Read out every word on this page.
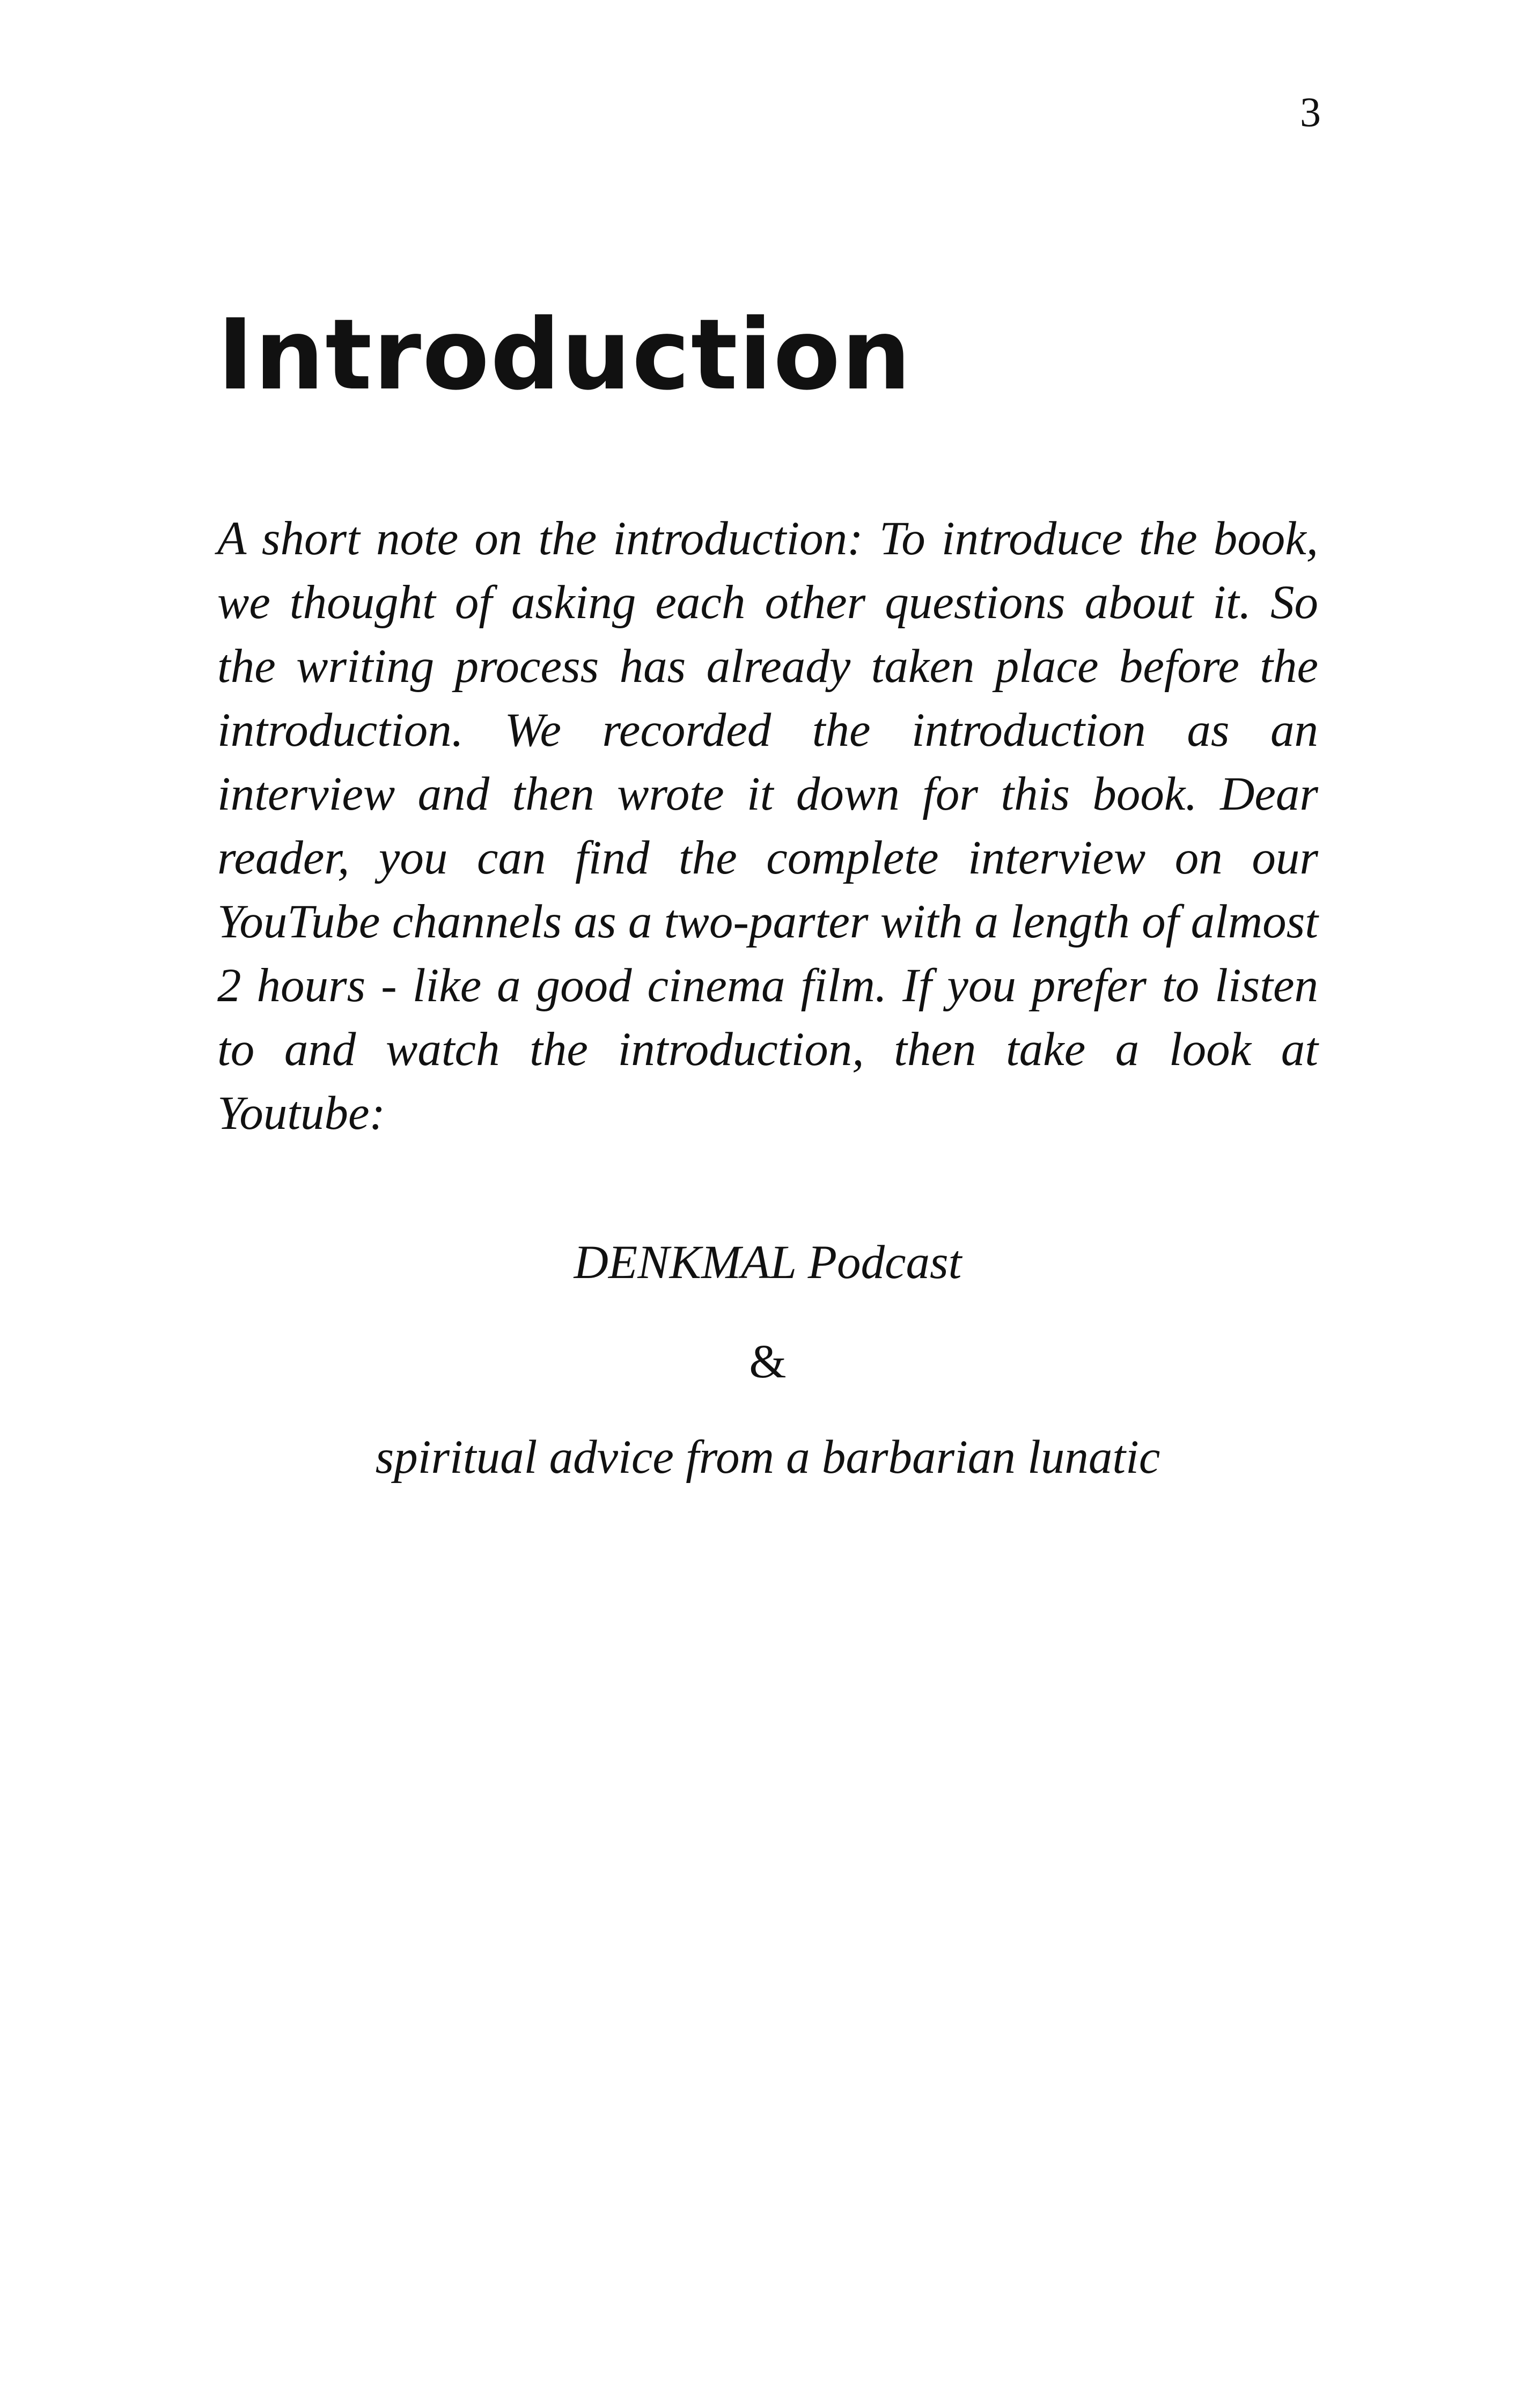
3
Introduction

A short note on the introduction: To introduce the book, we thought of asking each other questions about it. So the writing process has already taken place before the introduction. We recorded the introduction as an interview and then wrote it down for this book. Dear reader, you can find the complete interview on our YouTube channels as a two-parter with a length of almost 2 hours - like a good cinema film. If you prefer to listen to and watch the introduction, then take a look at Youtube:

DENKMAL Podcast

&

spiritual advice from a barbarian lunatic
